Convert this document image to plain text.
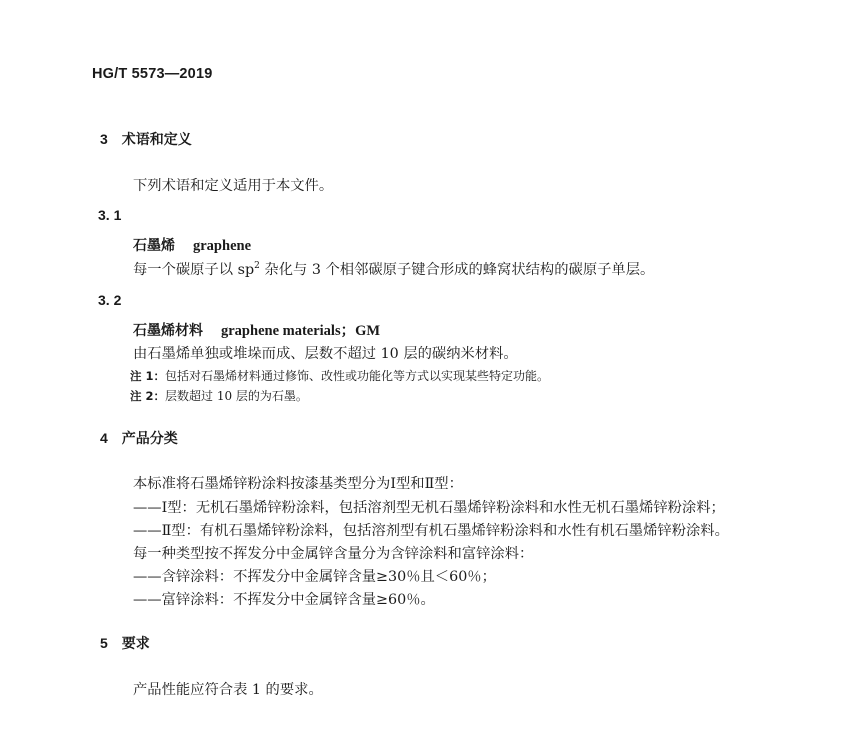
HG/T 5573—2019
3 术语和定义
下列术语和定义适用于本文件。
3. 1
石墨烯 graphene
每一个碳原子以 $sp^2$ 杂化与 3 个相邻碳原子键合形成的蜂窝状结构的碳原子单层。
3. 2
石墨烯材料 graphene materials；GM
由石墨烯单独或堆垛而成、层数不超过 10 层的碳纳米材料。
注 1：包括对石墨烯材料通过修饰、改性或功能化等方式以实现某些特定功能。
注 2：层数超过 10 层的为石墨。
4 产品分类
本标准将石墨烯锌粉涂料按漆基类型分为Ⅰ型和Ⅱ型：
——Ⅰ型：无机石墨烯锌粉涂料，包括溶剂型无机石墨烯锌粉涂料和水性无机石墨烯锌粉涂料；
——Ⅱ型：有机石墨烯锌粉涂料，包括溶剂型有机石墨烯锌粉涂料和水性有机石墨烯锌粉涂料。
每一种类型按不挥发分中金属锌含量分为含锌涂料和富锌涂料：
——含锌涂料：不挥发分中金属锌含量≥30％且＜60％；
——富锌涂料：不挥发分中金属锌含量≥60％。
5 要求
产品性能应符合表 1 的要求。
